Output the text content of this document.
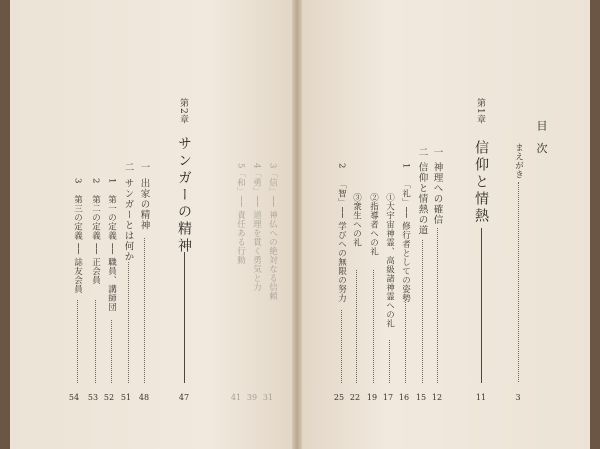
目 次
まえがき
3
第1章
信仰と情熱
11
一
神理への確信
12
二
信仰と情熱の道
15
1
「礼」── 修行者としての姿勢
16
①大宇宙神霊、高級諸神霊への礼
17
②指導者への礼
19
③衆生への礼
22
2
「智」── 学びへの無限の努力
25
3「信」── 神仏への絶対なる信頼
31
4「勇」── 道理を貫く勇気と力
39
5「和」── 責任ある行動
41
第2章
サンガーの精神
47
一
出家の精神
48
二
サンガーとは何か
51
1
第一の定義 ── 職員、講師団
52
2
第二の定義 ── 正会員
53
3
第三の定義 ── 誌友会員
54
